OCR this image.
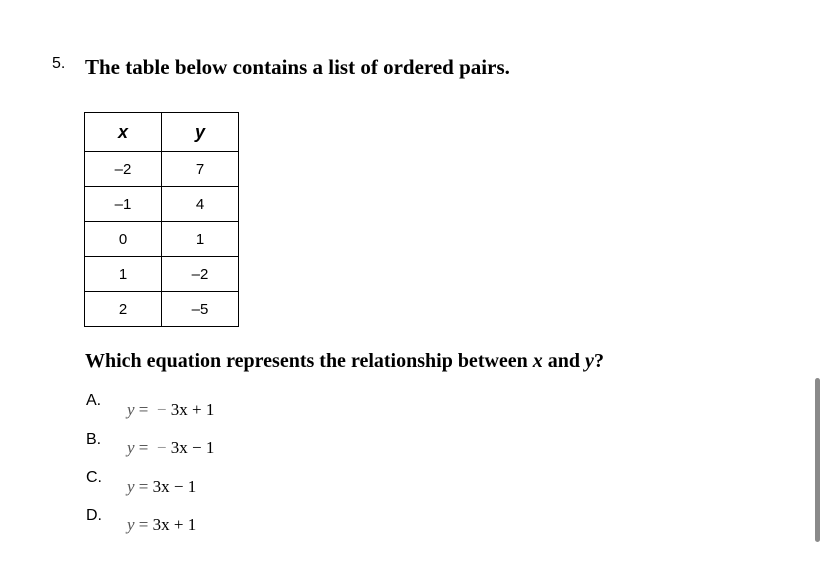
5. The table below contains a list of ordered pairs.
x	y
–2	7
–1	4
0	1
1	–2
2	–5
Which equation represents the relationship between x and y?
A. y =  − 3x + 1
B. y =  − 3x − 1
C. y = 3x − 1
D. y = 3x + 1
